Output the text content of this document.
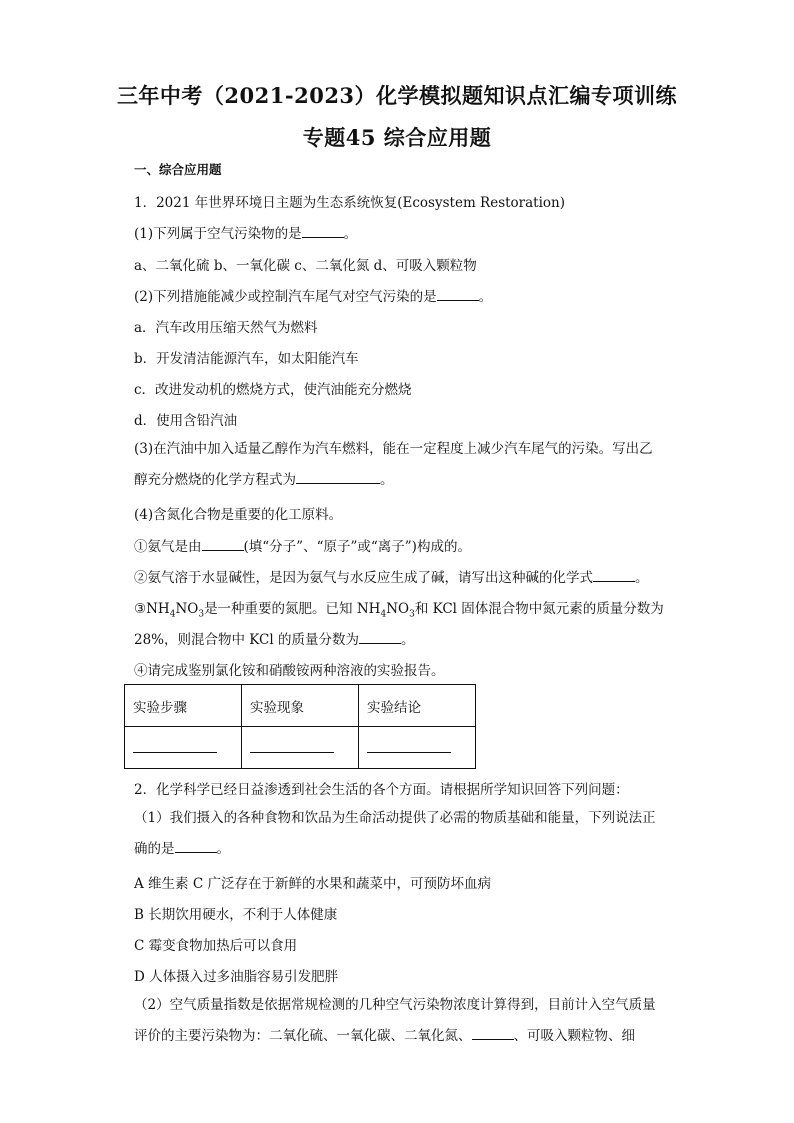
三年中考（2021-2023）化学模拟题知识点汇编专项训练
专题45 综合应用题
一、综合应用题
1．2021 年世界环境日主题为生态系统恢复(Ecosystem Restoration)
(1)下列属于空气污染物的是	。
a、二氧化硫 b、一氧化碳 c、二氧化氮 d、可吸入颗粒物
(2)下列措施能减少或控制汽车尾气对空气污染的是	。
a．汽车改用压缩天然气为燃料
b．开发清洁能源汽车，如太阳能汽车
c．改进发动机的燃烧方式，使汽油能充分燃烧
d．使用含铅汽油
(3)在汽油中加入适量乙醇作为汽车燃料，能在一定程度上减少汽车尾气的污染。写出乙醇充分燃烧的化学方程式为	。
(4)含氮化合物是重要的化工原料。
①氨气是由	(填“分子”、“原子”或“离子”)构成的。
②氨气溶于水显碱性，是因为氨气与水反应生成了碱，请写出这种碱的化学式	。
$③NH_4NO_3$是一种重要的氮肥。已知 $NH_4NO_3$和 KCl 固体混合物中氮元素的质量分数为
28%，则混合物中 KCl 的质量分数为	。
④请完成鉴别氯化铵和硝酸铵两种溶液的实验报告。
实验步骤	实验现象	实验结论

2．化学科学已经日益渗透到社会生活的各个方面。请根据所学知识回答下列问题：
（1）我们摄入的各种食物和饮品为生命活动提供了必需的物质基础和能量，下列说法正确的是	。
A 维生素 C 广泛存在于新鲜的水果和蔬菜中，可预防坏血病
B 长期饮用硬水，不利于人体健康
C 霉变食物加热后可以食用
D 人体摄入过多油脂容易引发肥胖
（2）空气质量指数是依据常规检测的几种空气污染物浓度计算得到，目前计入空气质量评价的主要污染物为：二氧化硫、一氧化碳、二氧化氮、	、可吸入颗粒物、细
